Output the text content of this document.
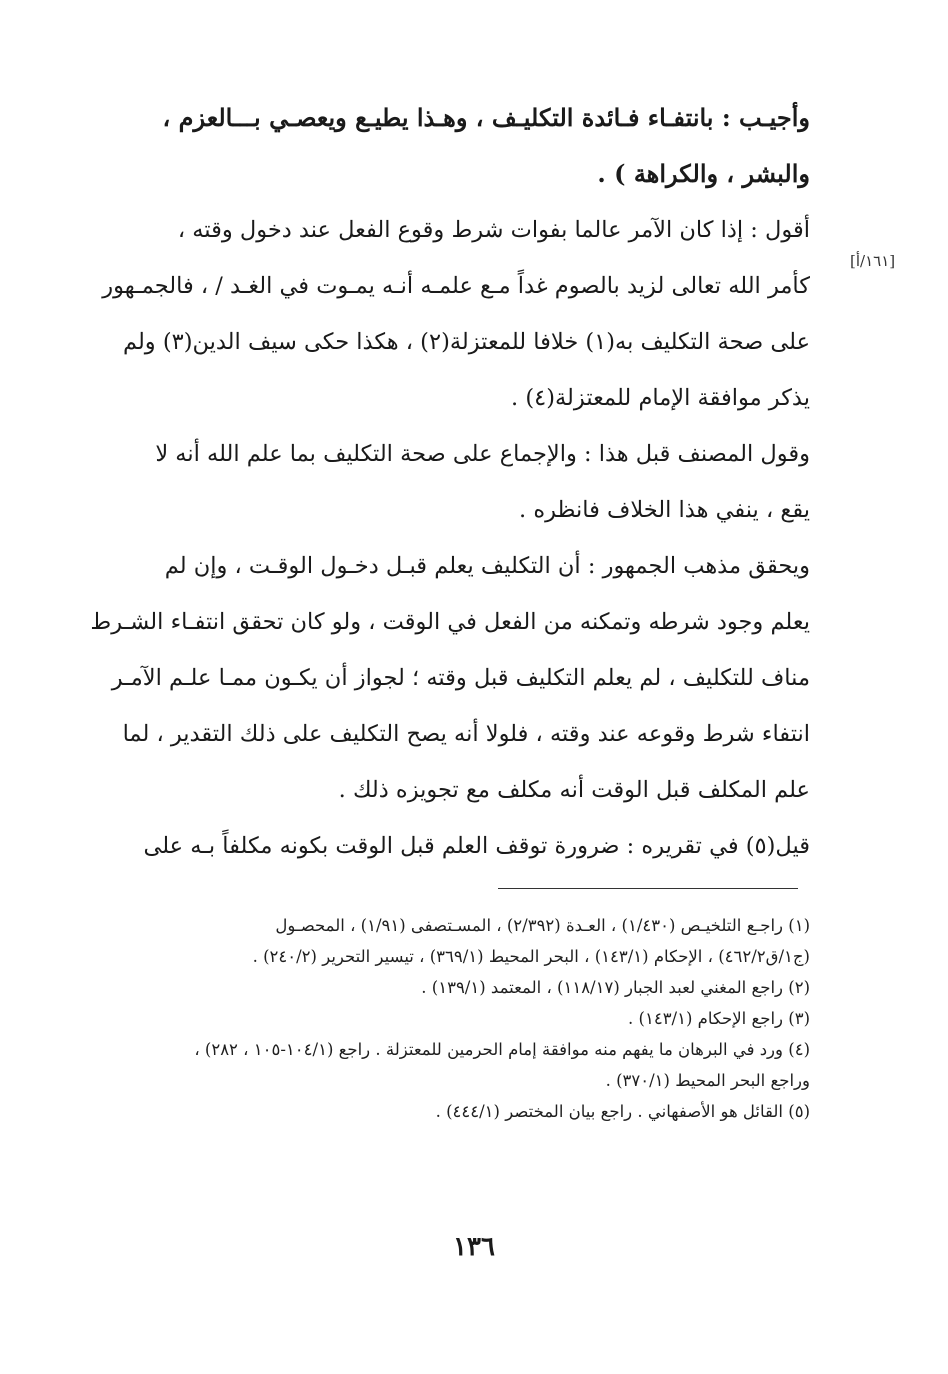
وأجيـب : بانتفـاء فـائدة التكليـف ، وهـذا يطيـع ويعصـي بـــالعزم ،
والبشر ، والكراهة ) .
أقول : إذا كان الآمر عالما بفوات شرط وقوع الفعل عند دخول وقته ،
كأمر الله تعالى لزيد بالصوم غداً مـع علمـه أنـه يمـوت في الغـد / ، فالجمـهور
على صحة التكليف به(١) خلافا للمعتزلة(٢) ، هكذا حكى سيف الدين(٣) ولم
يذكر موافقة الإمام للمعتزلة(٤) .
وقول المصنف قبل هذا : والإجماع على صحة التكليف بما علم الله أنه لا
يقع ، ينفي هذا الخلاف فانظره .
ويحقق مذهب الجمهور : أن التكليف يعلم قبـل دخـول الوقـت ، وإن لم
يعلم وجود شرطه وتمكنه من الفعل في الوقت ، ولو كان تحقق انتفـاء الشـرط
مناف للتكليف ، لم يعلم التكليف قبل وقته ؛ لجواز أن يكـون ممـا علـم الآمـر
انتفاء شرط وقوعه عند وقته ، فلولا أنه يصح التكليف على ذلك التقدير ، لما
علم المكلف قبل الوقت أنه مكلف مع تجويزه ذلك .
قيل(٥) في تقريره : ضرورة توقف العلم قبل الوقت بكونه مكلفاً بـه على
[١٦١/أ]
(١) راجـع التلخيـص (١/٤٣٠) ، العـدة (٢/٣٩٢) ، المسـتصفى (١/٩١) ، المحصـول
(ج١/ق٤٦٢/٢) ، الإحكام (١٤٣/١) ، البحر المحيط (٣٦٩/١) ، تيسير التحرير (٢٤٠/٢) .
(٢) راجع المغني لعبد الجبار (١١٨/١٧) ، المعتمد (١٣٩/١) .
(٣) راجع الإحكام (١٤٣/١) .
(٤) ورد في البرهان ما يفهم منه موافقة إمام الحرمين للمعتزلة . راجع (١٠٤/١-١٠٥ ، ٢٨٢) ،
وراجع البحر المحيط (٣٧٠/١) .
(٥) القائل هو الأصفهاني . راجع بيان المختصر (٤٤٤/١) .
١٣٦
